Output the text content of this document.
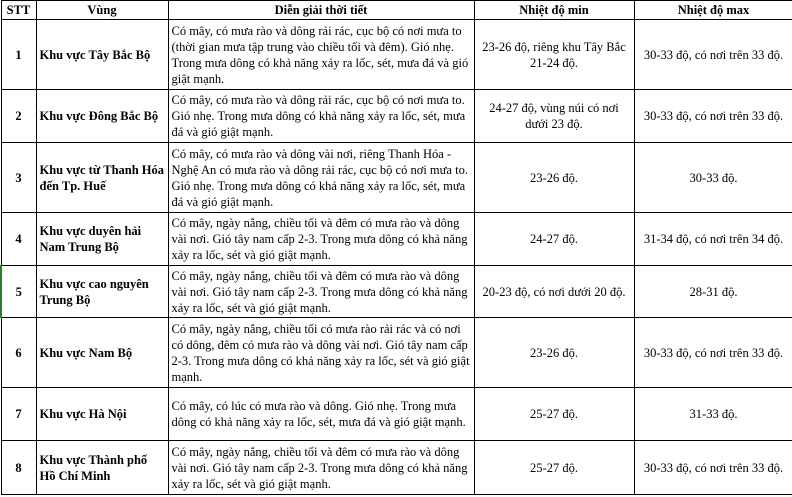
STT	Vùng	Diễn giải thời tiết	Nhiệt độ min	Nhiệt độ max
1	Khu vực Tây Bắc Bộ	Có mây, có mưa rào và dông rải rác, cục bộ có nơi mưa to (thời gian mưa tập trung vào chiều tối và đêm). Gió nhẹ. Trong mưa dông có khả năng xảy ra lốc, sét, mưa đá và gió giật mạnh.	23-26 độ, riêng khu Tây Bắc 21-24 độ.	30-33 độ, có nơi trên 33 độ.
2	Khu vực Đông Bắc Bộ	Có mây, có mưa rào và dông rải rác, cục bộ có nơi mưa to. Gió nhẹ. Trong mưa dông có khả năng xảy ra lốc, sét, mưa đá và gió giật mạnh.	24-27 độ, vùng núi có nơi dưới 23 độ.	30-33 độ, có nơi trên 33 độ.
3	Khu vực từ Thanh Hóa đến Tp. Huế	Có mây, có mưa rào và dông vài nơi, riêng Thanh Hóa - Nghệ An có mưa rào và dông rải rác, cục bộ có nơi mưa to. Gió nhẹ. Trong mưa dông có khả năng xảy ra lốc, sét, mưa đá và gió giật mạnh.	23-26 độ.	30-33 độ.
4	Khu vực duyên hải Nam Trung Bộ	Có mây, ngày nắng, chiều tối và đêm có mưa rào và dông vài nơi. Gió tây nam cấp 2-3. Trong mưa dông có khả năng xảy ra lốc, sét và gió giật mạnh.	24-27 độ.	31-34 độ, có nơi trên 34 độ.
5	Khu vực cao nguyên Trung Bộ	Có mây, ngày nắng, chiều tối và đêm có mưa rào và dông vài nơi. Gió tây nam cấp 2-3. Trong mưa dông có khả năng xảy ra lốc, sét và gió giật mạnh.	20-23 độ, có nơi dưới 20 độ.	28-31 độ.
6	Khu vực Nam Bộ	Có mây, ngày nắng, chiều tối có mưa rào rải rác và có nơi có dông, đêm có mưa rào và dông vài nơi. Gió tây nam cấp 2-3. Trong mưa dông có khả năng xảy ra lốc, sét và gió giật mạnh.	23-26 độ.	30-33 độ, có nơi trên 33 độ.
7	Khu vực Hà Nội	Có mây, có lúc có mưa rào và dông. Gió nhẹ. Trong mưa dông có khả năng xảy ra lốc, sét, mưa đá và gió giật mạnh.	25-27 độ.	31-33 độ.
8	Khu vực Thành phố Hồ Chí Minh	Có mây, ngày nắng, chiều tối và đêm có mưa rào và dông vài nơi. Gió tây nam cấp 2-3. Trong mưa dông có khả năng xảy ra lốc, sét và gió giật mạnh.	25-27 độ.	30-33 độ, có nơi trên 33 độ.
